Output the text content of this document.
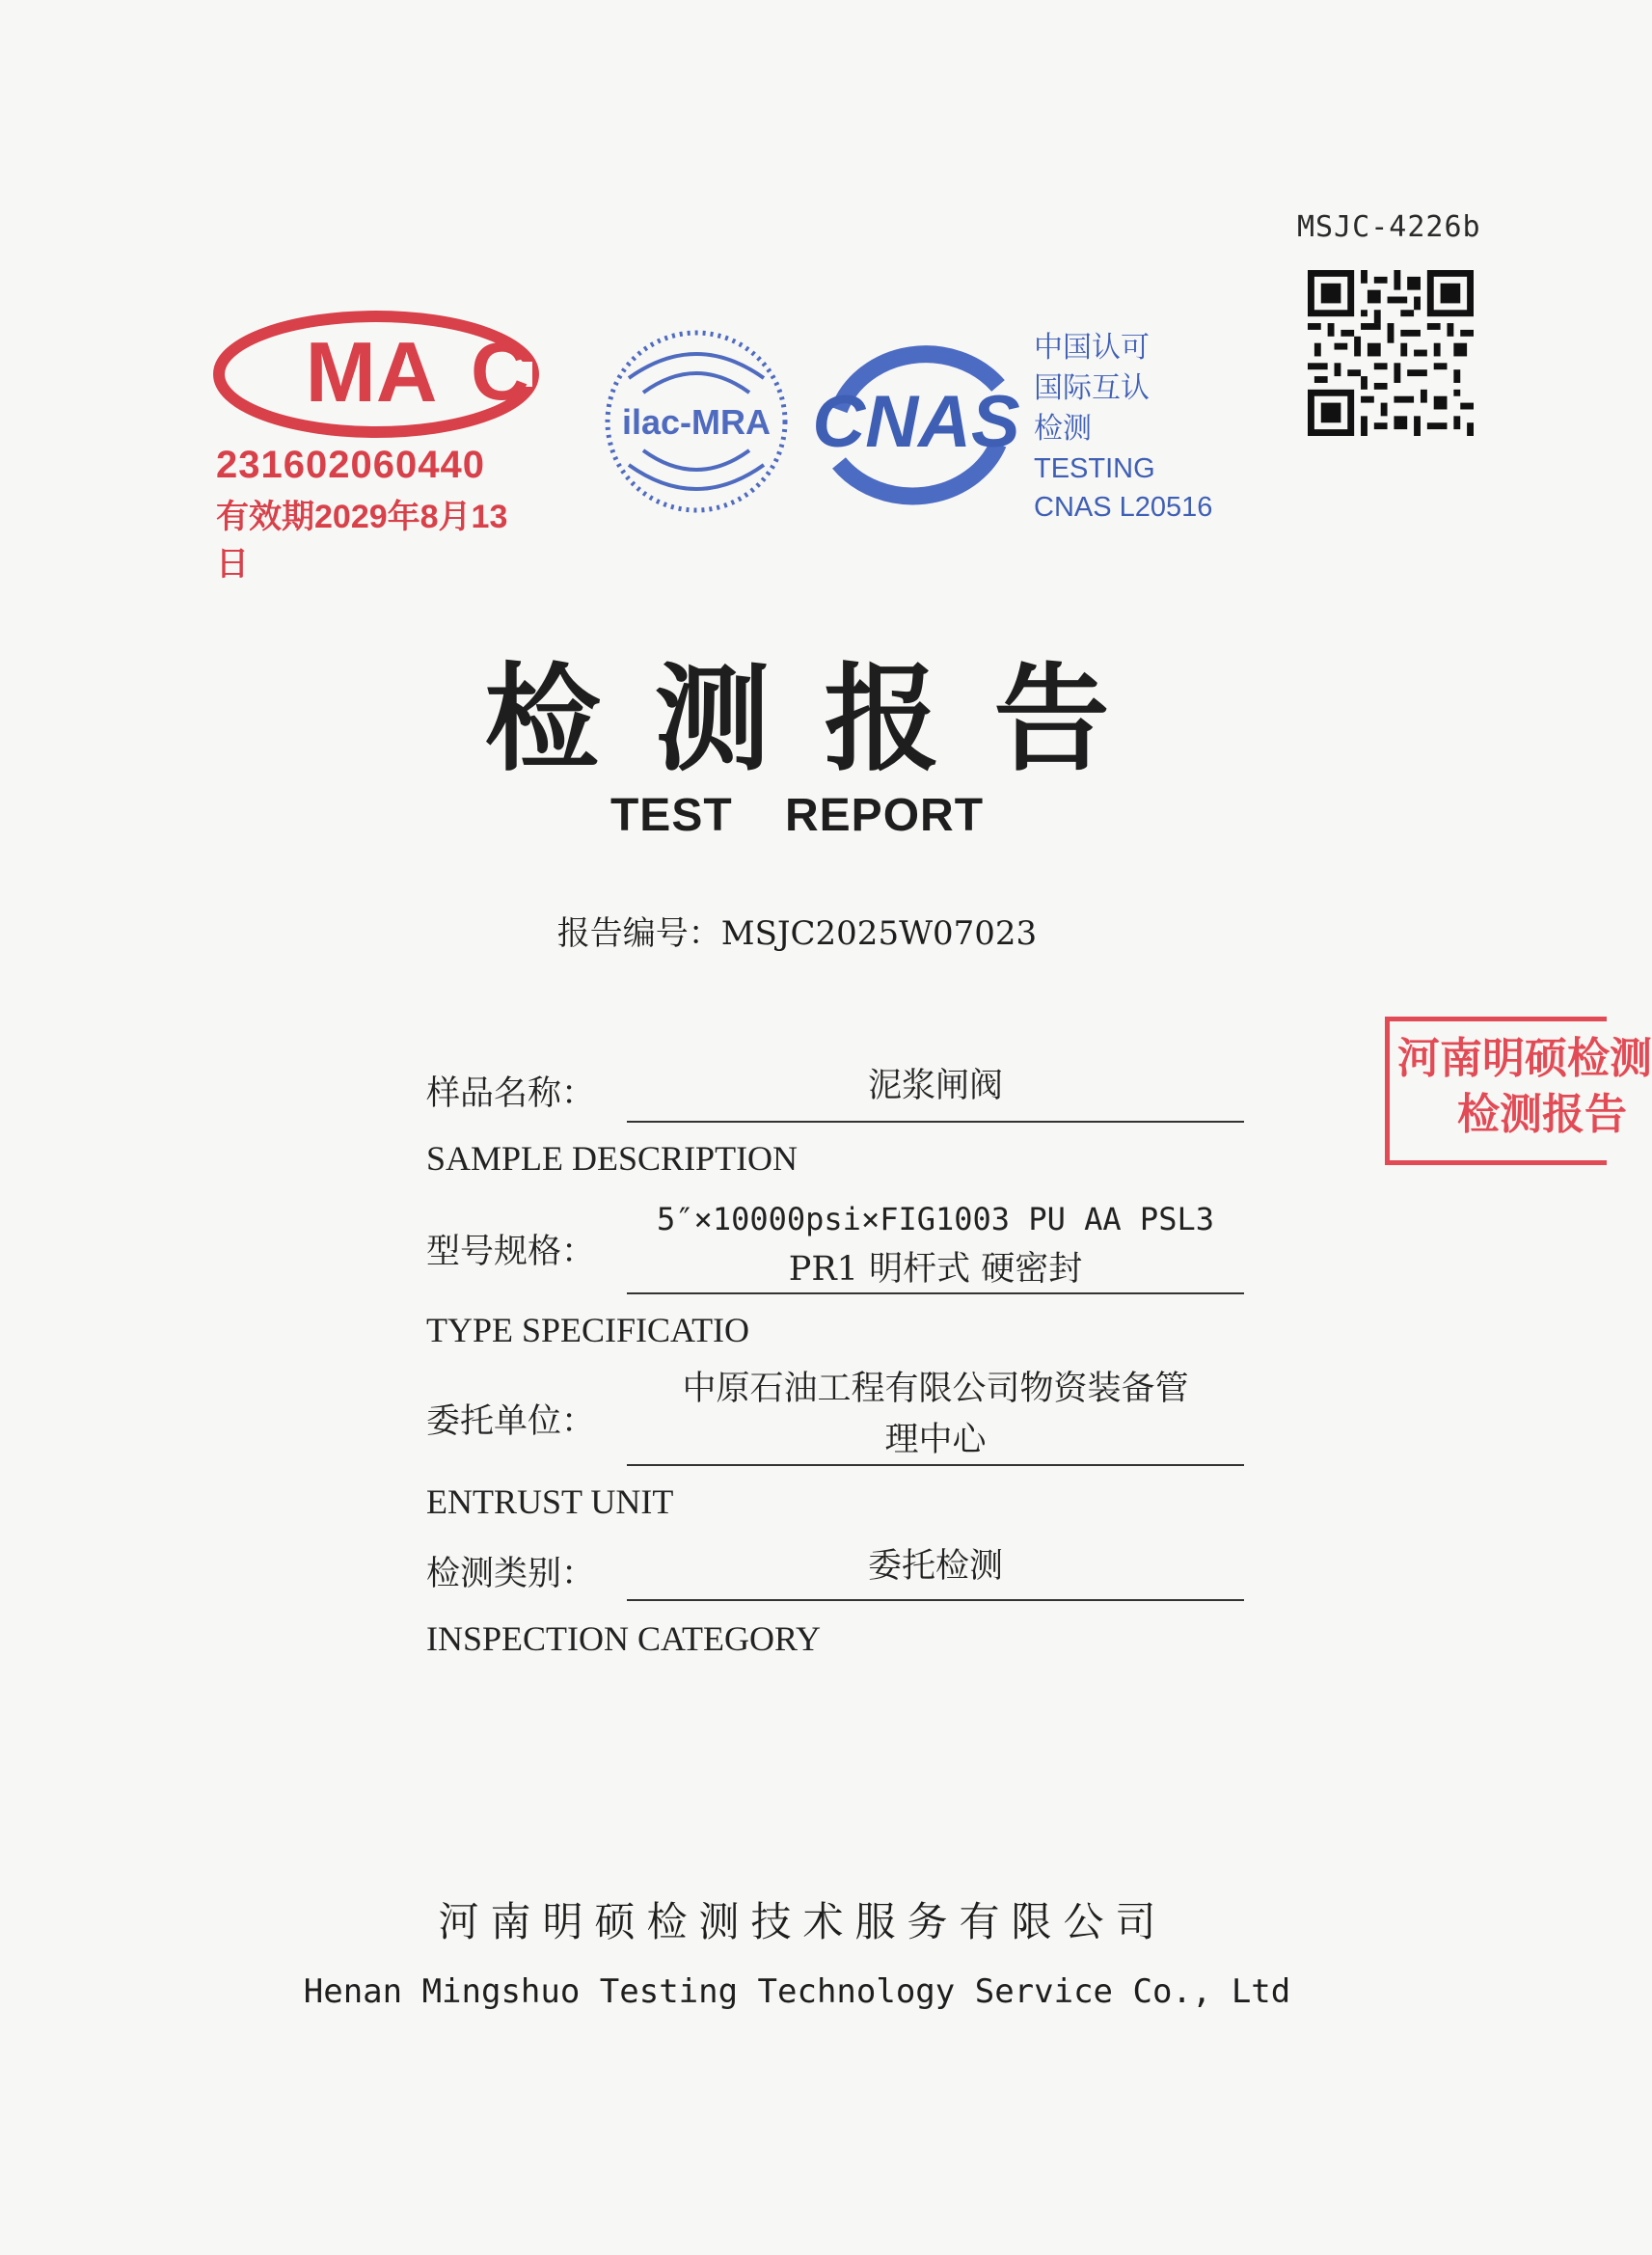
MSJC-4226b
MA C
231602060440
有效期2029年8月13日
ilac-MRA CNAS
中国认可
国际互认
检测
TESTING
CNAS L20516
检测报告
TEST REPORT
报告编号：MSJC2025W07023
样品名称：	泥浆闸阀
SAMPLE DESCRIPTION
型号规格：
5″×10000psi×FIG1003 PU AA PSL3
PR1 明杆式 硬密封
TYPE SPECIFICATIO
委托单位：
中原石油工程有限公司物资装备管
理中心
ENTRUST UNIT
检测类别：	委托检测
INSPECTION CATEGORY
河南明硕检测
检测报告
河南明硕检测技术服务有限公司
Henan Mingshuo Testing Technology Service Co., Ltd
